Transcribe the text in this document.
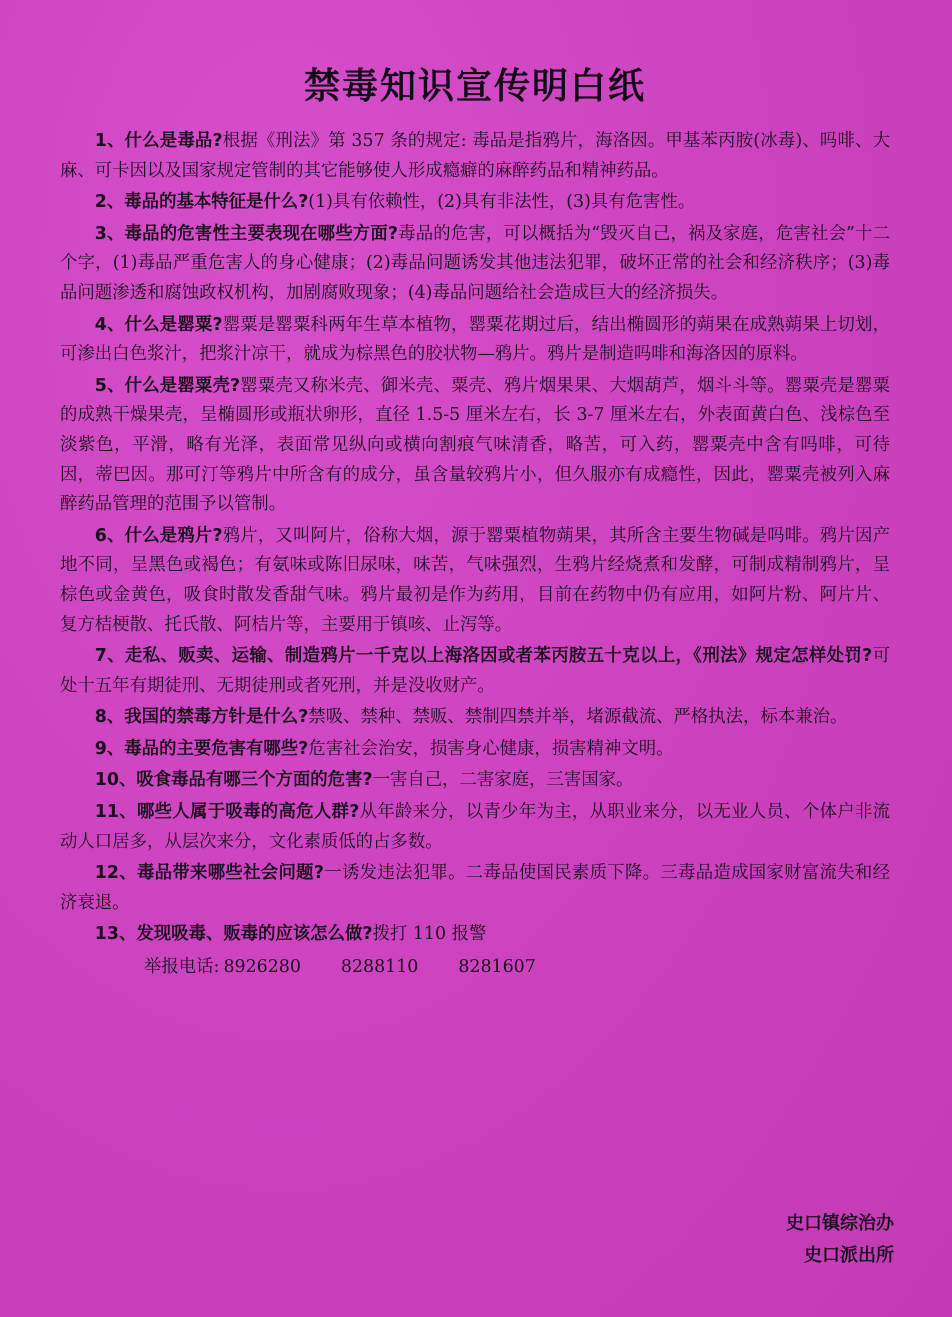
禁毒知识宣传明白纸

1、什么是毒品?根据《刑法》第 357 条的规定: 毒品是指鸦片，海洛因。甲基苯丙胺(冰毒)、吗啡、大麻、可卡因以及国家规定管制的其它能够使人形成瘾癖的麻醉药品和精神药品。

2、毒品的基本特征是什么?(1)具有依赖性，(2)具有非法性，(3)具有危害性。

3、毒品的危害性主要表现在哪些方面?毒品的危害，可以概括为“毁灭自己，祸及家庭，危害社会”十二个字，(1)毒品严重危害人的身心健康；(2)毒品问题诱发其他违法犯罪，破坏正常的社会和经济秩序；(3)毒品问题渗透和腐蚀政权机构，加剧腐败现象；(4)毒品问题给社会造成巨大的经济损失。

4、什么是罂粟?罂粟是罂粟科两年生草本植物，罂粟花期过后，结出椭圆形的蒴果在成熟蒴果上切划，可渗出白色浆汁，把浆汁凉干，就成为棕黑色的胶状物—鸦片。鸦片是制造吗啡和海洛因的原料。

5、什么是罂粟壳?罂粟壳又称米壳、御米壳、粟壳、鸦片烟果果、大烟葫芦，烟斗斗等。罂粟壳是罂粟的成熟干燥果壳，呈椭圆形或瓶状卵形，直径 1.5-5 厘米左右，长 3-7 厘米左右，外表面黄白色、浅棕色至淡紫色，平滑，略有光泽，表面常见纵向或横向割痕气味清香，略苦，可入药，罂粟壳中含有吗啡，可待因，蒂巴因。那可汀等鸦片中所含有的成分，虽含量较鸦片小，但久服亦有成瘾性，因此，罂粟壳被列入麻醉药品管理的范围予以管制。

6、什么是鸦片?鸦片，又叫阿片，俗称大烟，源于罂粟植物蒴果，其所含主要生物碱是吗啡。鸦片因产地不同，呈黑色或褐色；有氨味或陈旧尿味，味苦，气味强烈，生鸦片经烧煮和发酵，可制成精制鸦片，呈棕色或金黄色，吸食时散发香甜气味。鸦片最初是作为药用，目前在药物中仍有应用，如阿片粉、阿片片、复方桔梗散、托氏散、阿桔片等，主要用于镇咳、止泻等。

7、走私、贩卖、运输、制造鸦片一千克以上海洛因或者苯丙胺五十克以上，《刑法》规定怎样处罚?可处十五年有期徒刑、无期徒刑或者死刑，并是没收财产。

8、我国的禁毒方针是什么?禁吸、禁种、禁贩、禁制四禁并举，堵源截流、严格执法，标本兼治。

9、毒品的主要危害有哪些?危害社会治安，损害身心健康，损害精神文明。

10、吸食毒品有哪三个方面的危害?一害自己，二害家庭，三害国家。

11、哪些人属于吸毒的高危人群?从年龄来分，以青少年为主，从职业来分，以无业人员、个体户非流动人口居多，从层次来分，文化素质低的占多数。

12、毒品带来哪些社会问题?一诱发违法犯罪。二毒品使国民素质下降。三毒品造成国家财富流失和经济衰退。

13、发现吸毒、贩毒的应该怎么做?拨打 110 报警

举报电话: 8926280 8288110 8281607
史口镇综治办
史口派出所
